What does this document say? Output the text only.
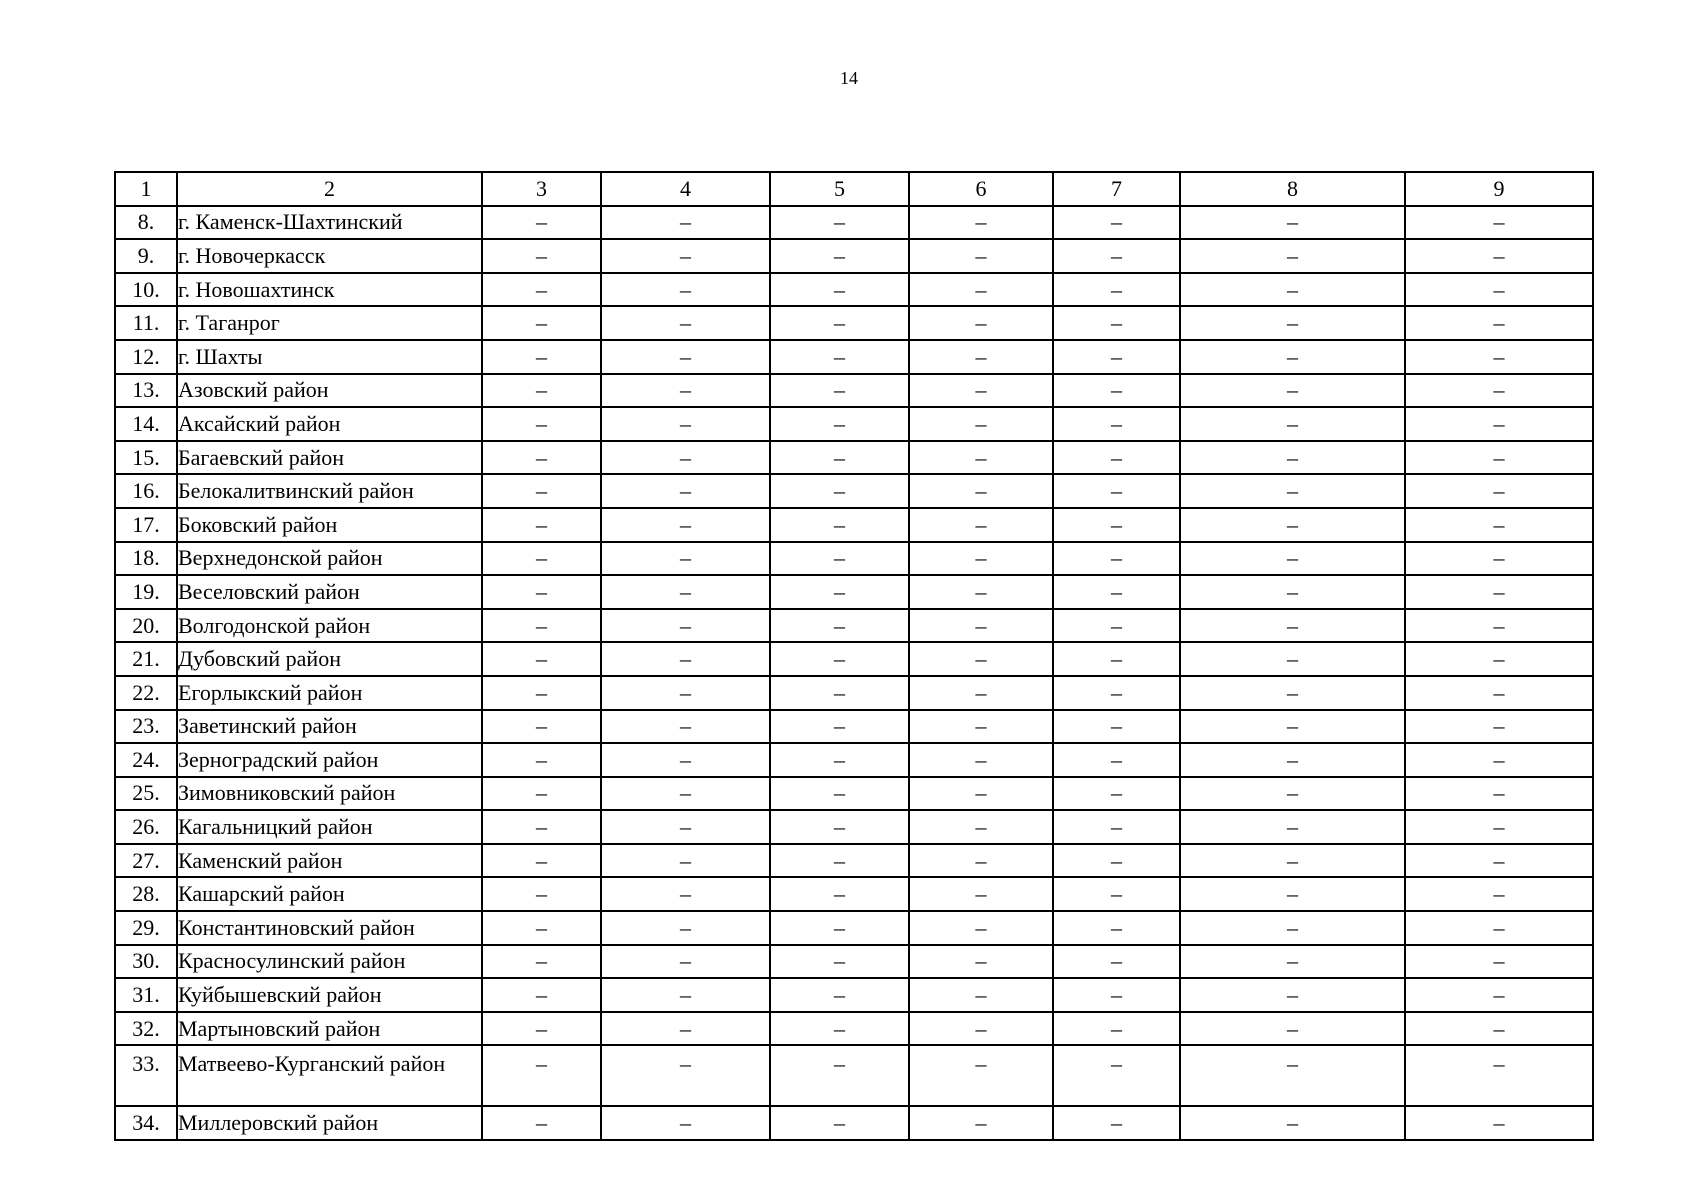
14
1	2	3	4	5	6	7	8	9
8.	г. Каменск-Шахтинский	–	–	–	–	–	–	–
9.	г. Новочеркасск	–	–	–	–	–	–	–
10.	г. Новошахтинск	–	–	–	–	–	–	–
11.	г. Таганрог	–	–	–	–	–	–	–
12.	г. Шахты	–	–	–	–	–	–	–
13.	Азовский район	–	–	–	–	–	–	–
14.	Аксайский район	–	–	–	–	–	–	–
15.	Багаевский район	–	–	–	–	–	–	–
16.	Белокалитвинский район	–	–	–	–	–	–	–
17.	Боковский район	–	–	–	–	–	–	–
18.	Верхнедонской район	–	–	–	–	–	–	–
19.	Веселовский район	–	–	–	–	–	–	–
20.	Волгодонской район	–	–	–	–	–	–	–
21.	Дубовский район	–	–	–	–	–	–	–
22.	Егорлыкский район	–	–	–	–	–	–	–
23.	Заветинский район	–	–	–	–	–	–	–
24.	Зерноградский район	–	–	–	–	–	–	–
25.	Зимовниковский район	–	–	–	–	–	–	–
26.	Кагальницкий район	–	–	–	–	–	–	–
27.	Каменский район	–	–	–	–	–	–	–
28.	Кашарский район	–	–	–	–	–	–	–
29.	Константиновский район	–	–	–	–	–	–	–
30.	Красносулинский район	–	–	–	–	–	–	–
31.	Куйбышевский район	–	–	–	–	–	–	–
32.	Мартыновский район	–	–	–	–	–	–	–
33.	Матвеево-Курганский район	–	–	–	–	–	–	–
34.	Миллеровский район	–	–	–	–	–	–	–
